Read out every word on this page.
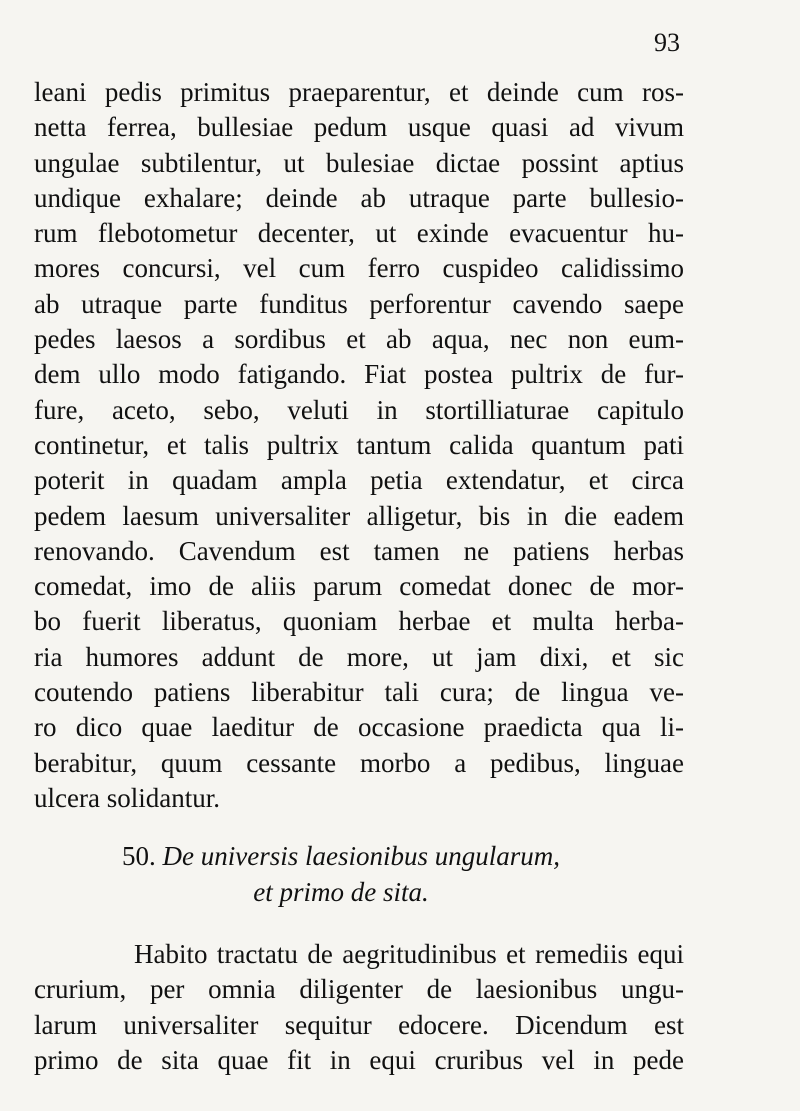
93
leani pedis primitus praeparentur, et deinde cum ros-
netta ferrea, bullesiae pedum usque quasi ad vivum
ungulae subtilentur, ut bulesiae dictae possint aptius
undique exhalare; deinde ab utraque parte bullesio-
rum flebotometur decenter, ut exinde evacuentur hu-
mores concursi, vel cum ferro cuspideo calidissimo
ab utraque parte funditus perforentur cavendo saepe
pedes laesos a sordibus et ab aqua, nec non eum-
dem ullo modo fatigando. Fiat postea pultrix de fur-
fure, aceto, sebo, veluti in stortilliaturae capitulo
continetur, et talis pultrix tantum calida quantum pati
poterit in quadam ampla petia extendatur, et circa
pedem laesum universaliter alligetur, bis in die eadem
renovando. Cavendum est tamen ne patiens herbas
comedat, imo de aliis parum comedat donec de mor-
bo fuerit liberatus, quoniam herbae et multa herba-
ria humores addunt de more, ut jam dixi, et sic
coutendo patiens liberabitur tali cura; de lingua ve-
ro dico quae laeditur de occasione praedicta qua li-
berabitur, quum cessante morbo a pedibus, linguae
ulcera solidantur.
50. De universis laesionibus ungularum,
et primo de sita.
Habito tractatu de aegritudinibus et remediis equi
crurium, per omnia diligenter de laesionibus ungu-
larum universaliter sequitur edocere. Dicendum est
primo de sita quae fit in equi cruribus vel in pede
